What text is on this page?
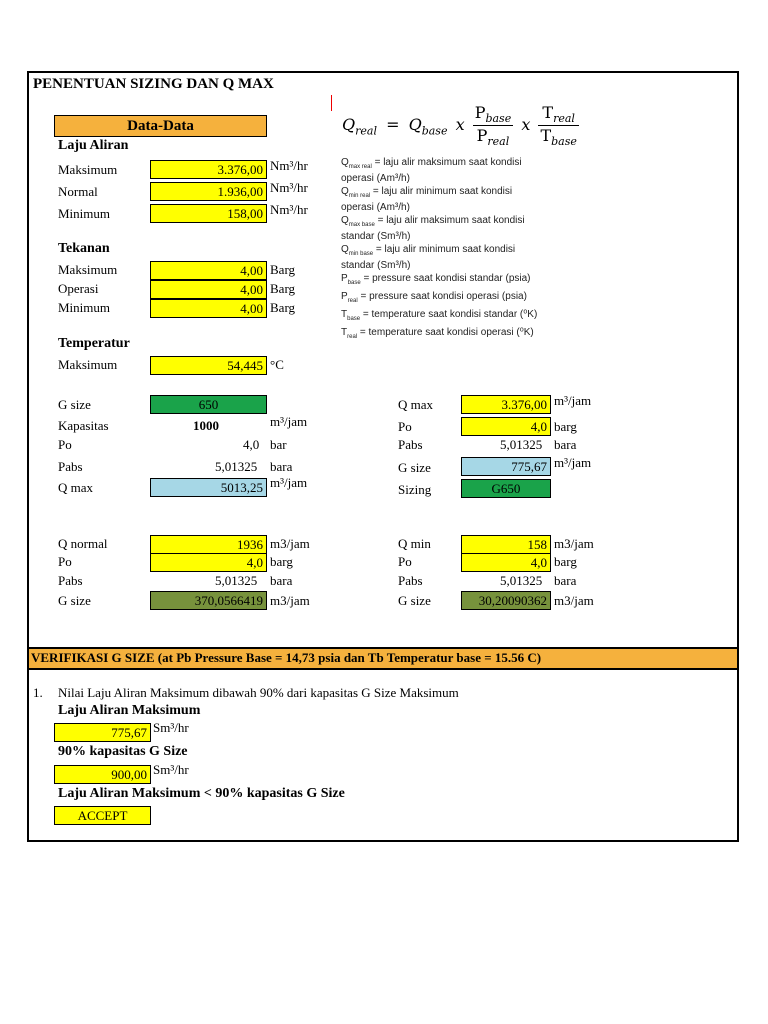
PENENTUAN SIZING DAN Q MAX
Data-Data
Laju Aliran
Maksimum	3.376,00 Nm³/hr
Normal	1.936,00 Nm³/hr
Minimum	158,00 Nm³/hr
Tekanan
Maksimum	4,00 Barg
Operasi	4,00 Barg
Minimum	4,00 Barg
Temperatur
Maksimum	54,445 °C
$Q_{real} = Q_{base}$ x $\frac{P_{base}}{P_{real}}$ x $\frac{T_{real}}{T_{base}}$
$Q_{max real}$ = laju alir maksimum saat kondisi operasi (Am³/h)
$Q_{min real}$ = laju alir minimum saat kondisi operasi (Am³/h)
$Q_{max base}$ = laju alir maksimum saat kondisi standar (Sm³/h)
$Q_{min base}$ = laju alir minimum saat kondisi standar (Sm³/h)
$P_{base}$ = pressure saat kondisi standar (psia)
$P_{real}$ = pressure saat kondisi operasi (psia)
$T_{base}$ = temperature saat kondisi standar (⁰K)
$T_{real}$ = temperature saat kondisi operasi (⁰K)
G size	650
Kapasitas	1000	m³/jam
Po	4,0 bar
Pabs	5,01325 bara
Q max	5013,25 m³/jam
Q max	3.376,00 m³/jam
Po	4,0 barg
Pabs	5,01325 bara
G size	775,67 m³/jam
Sizing	G650
Q normal	1936 m3/jam
Po	4,0 barg
Pabs	5,01325 bara
G size	370,0566419 m3/jam
Q min	158 m3/jam
Po	4,0 barg
Pabs	5,01325 bara
G size	30,20090362 m3/jam
VERIFIKASI G SIZE (at Pb Pressure Base = 14,73 psia dan Tb Temperatur base = 15.56 C)
1. Nilai Laju Aliran Maksimum dibawah 90% dari kapasitas G Size Maksimum
Laju Aliran Maksimum
775,67 Sm³/hr
90% kapasitas G Size
900,00 Sm³/hr
Laju Aliran Maksimum < 90% kapasitas G Size
ACCEPT
